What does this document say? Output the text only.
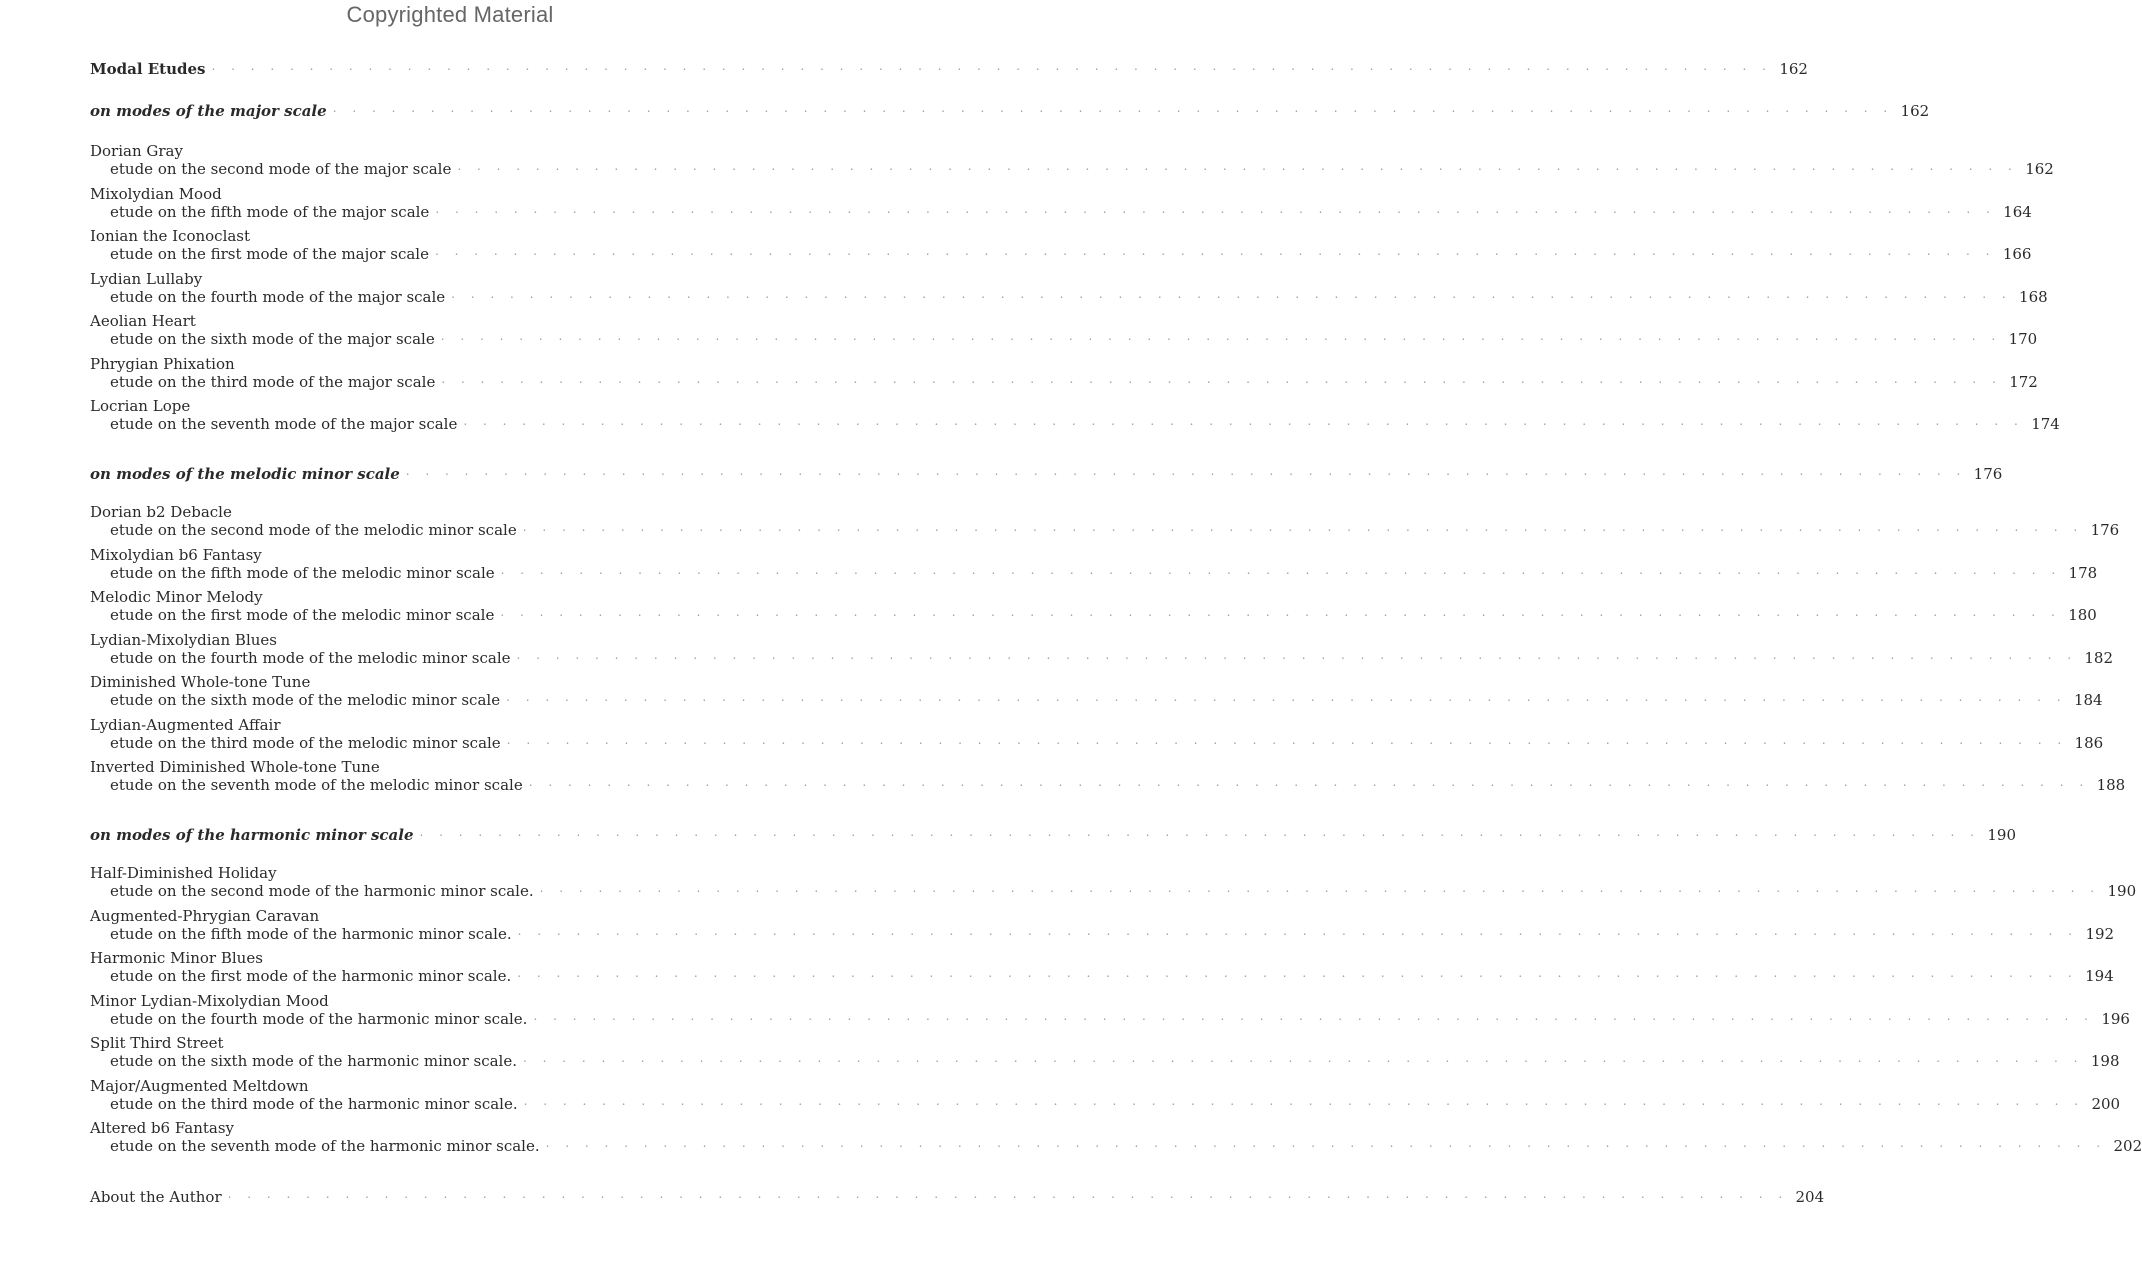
Copyrighted Material
Modal Etudes . . . . . . . . . . . . . . . . . . . . . . . . . . . . . . . . . . . . . . . . . . . . . . . . . . . . . . . . . . . . . . . . . . . . . . . . . . . . . . . . 162
on modes of the major scale . . . . . . . . . . . . . . . . . . . . . . . . . . . . . . . . . . . . . . . . . . . . . . . . . . . . . . . . . . . . . . . . . . . . . . . . . . . . . . . . 162
Dorian Gray
etude on the second mode of the major scale . . . . . . . . . . . . . . . . . . . . . . . . . . . . . . . . . . . . . . . . . . . . . . . . . . . . . . . . . . . . . . . . . . . . . . . . . . . . . . . . 162
Mixolydian Mood
etude on the fifth mode of the major scale . . . . . . . . . . . . . . . . . . . . . . . . . . . . . . . . . . . . . . . . . . . . . . . . . . . . . . . . . . . . . . . . . . . . . . . . . . . . . . . . 164
Ionian the Iconoclast
etude on the first mode of the major scale . . . . . . . . . . . . . . . . . . . . . . . . . . . . . . . . . . . . . . . . . . . . . . . . . . . . . . . . . . . . . . . . . . . . . . . . . . . . . . . . 166
Lydian Lullaby
etude on the fourth mode of the major scale . . . . . . . . . . . . . . . . . . . . . . . . . . . . . . . . . . . . . . . . . . . . . . . . . . . . . . . . . . . . . . . . . . . . . . . . . . . . . . . . 168
Aeolian Heart
etude on the sixth mode of the major scale . . . . . . . . . . . . . . . . . . . . . . . . . . . . . . . . . . . . . . . . . . . . . . . . . . . . . . . . . . . . . . . . . . . . . . . . . . . . . . . . 170
Phrygian Phixation
etude on the third mode of the major scale . . . . . . . . . . . . . . . . . . . . . . . . . . . . . . . . . . . . . . . . . . . . . . . . . . . . . . . . . . . . . . . . . . . . . . . . . . . . . . . . 172
Locrian Lope
etude on the seventh mode of the major scale . . . . . . . . . . . . . . . . . . . . . . . . . . . . . . . . . . . . . . . . . . . . . . . . . . . . . . . . . . . . . . . . . . . . . . . . . . . . . . . . 174
on modes of the melodic minor scale . . . . . . . . . . . . . . . . . . . . . . . . . . . . . . . . . . . . . . . . . . . . . . . . . . . . . . . . . . . . . . . . . . . . . . . . . . . . . . . . 176
Dorian b2 Debacle
etude on the second mode of the melodic minor scale . . . . . . . . . . . . . . . . . . . . . . . . . . . . . . . . . . . . . . . . . . . . . . . . . . . . . . . . . . . . . . . . . . . . . . . . . . . . . . . . 176
Mixolydian b6 Fantasy
etude on the fifth mode of the melodic minor scale . . . . . . . . . . . . . . . . . . . . . . . . . . . . . . . . . . . . . . . . . . . . . . . . . . . . . . . . . . . . . . . . . . . . . . . . . . . . . . . . 178
Melodic Minor Melody
etude on the first mode of the melodic minor scale . . . . . . . . . . . . . . . . . . . . . . . . . . . . . . . . . . . . . . . . . . . . . . . . . . . . . . . . . . . . . . . . . . . . . . . . . . . . . . . . 180
Lydian-Mixolydian Blues
etude on the fourth mode of the melodic minor scale . . . . . . . . . . . . . . . . . . . . . . . . . . . . . . . . . . . . . . . . . . . . . . . . . . . . . . . . . . . . . . . . . . . . . . . . . . . . . . . . 182
Diminished Whole-tone Tune
etude on the sixth mode of the melodic minor scale . . . . . . . . . . . . . . . . . . . . . . . . . . . . . . . . . . . . . . . . . . . . . . . . . . . . . . . . . . . . . . . . . . . . . . . . . . . . . . . . 184
Lydian-Augmented Affair
etude on the third mode of the melodic minor scale . . . . . . . . . . . . . . . . . . . . . . . . . . . . . . . . . . . . . . . . . . . . . . . . . . . . . . . . . . . . . . . . . . . . . . . . . . . . . . . . 186
Inverted Diminished Whole-tone Tune
etude on the seventh mode of the melodic minor scale . . . . . . . . . . . . . . . . . . . . . . . . . . . . . . . . . . . . . . . . . . . . . . . . . . . . . . . . . . . . . . . . . . . . . . . . . . . . . . . . 188
on modes of the harmonic minor scale . . . . . . . . . . . . . . . . . . . . . . . . . . . . . . . . . . . . . . . . . . . . . . . . . . . . . . . . . . . . . . . . . . . . . . . . . . . . . . . . 190
Half-Diminished Holiday
etude on the second mode of the harmonic minor scale. . . . . . . . . . . . . . . . . . . . . . . . . . . . . . . . . . . . . . . . . . . . . . . . . . . . . . . . . . . . . . . . . . . . . . . . . . . . . . . . . 190
Augmented-Phrygian Caravan
etude on the fifth mode of the harmonic minor scale. . . . . . . . . . . . . . . . . . . . . . . . . . . . . . . . . . . . . . . . . . . . . . . . . . . . . . . . . . . . . . . . . . . . . . . . . . . . . . . . . 192
Harmonic Minor Blues
etude on the first mode of the harmonic minor scale. . . . . . . . . . . . . . . . . . . . . . . . . . . . . . . . . . . . . . . . . . . . . . . . . . . . . . . . . . . . . . . . . . . . . . . . . . . . . . . . . 194
Minor Lydian-Mixolydian Mood
etude on the fourth mode of the harmonic minor scale. . . . . . . . . . . . . . . . . . . . . . . . . . . . . . . . . . . . . . . . . . . . . . . . . . . . . . . . . . . . . . . . . . . . . . . . . . . . . . . . . 196
Split Third Street
etude on the sixth mode of the harmonic minor scale. . . . . . . . . . . . . . . . . . . . . . . . . . . . . . . . . . . . . . . . . . . . . . . . . . . . . . . . . . . . . . . . . . . . . . . . . . . . . . . . . 198
Major/Augmented Meltdown
etude on the third mode of the harmonic minor scale. . . . . . . . . . . . . . . . . . . . . . . . . . . . . . . . . . . . . . . . . . . . . . . . . . . . . . . . . . . . . . . . . . . . . . . . . . . . . . . . . 200
Altered b6 Fantasy
etude on the seventh mode of the harmonic minor scale. . . . . . . . . . . . . . . . . . . . . . . . . . . . . . . . . . . . . . . . . . . . . . . . . . . . . . . . . . . . . . . . . . . . . . . . . . . . . . . . . 202
About the Author . . . . . . . . . . . . . . . . . . . . . . . . . . . . . . . . . . . . . . . . . . . . . . . . . . . . . . . . . . . . . . . . . . . . . . . . . . . . . . . . 204
